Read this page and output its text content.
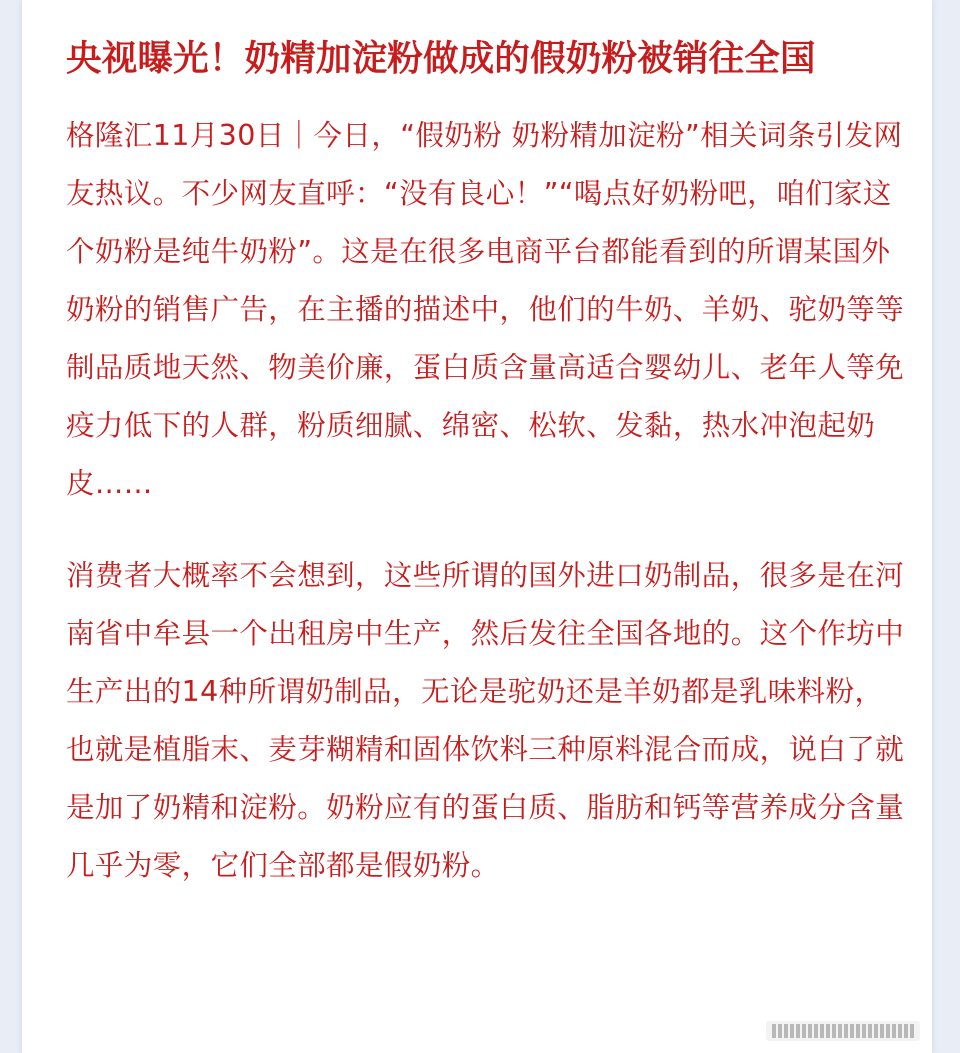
央视曝光！奶精加淀粉做成的假奶粉被销往全国

格隆汇11月30日｜今日，“假奶粉 奶粉精加淀粉”相关词条引发网友热议。不少网友直呼：“没有良心！”“喝点好奶粉吧，咱们家这个奶粉是纯牛奶粉”。这是在很多电商平台都能看到的所谓某国外奶粉的销售广告，在主播的描述中，他们的牛奶、羊奶、驼奶等等制品质地天然、物美价廉，蛋白质含量高适合婴幼儿、老年人等免疫力低下的人群，粉质细腻、绵密、松软、发黏，热水冲泡起奶皮……

消费者大概率不会想到，这些所谓的国外进口奶制品，很多是在河南省中牟县一个出租房中生产，然后发往全国各地的。这个作坊中生产出的14种所谓奶制品，无论是驼奶还是羊奶都是乳味料粉，也就是植脂末、麦芽糊精和固体饮料三种原料混合而成，说白了就是加了奶精和淀粉。奶粉应有的蛋白质、脂肪和钙等营养成分含量几乎为零，它们全部都是假奶粉。
